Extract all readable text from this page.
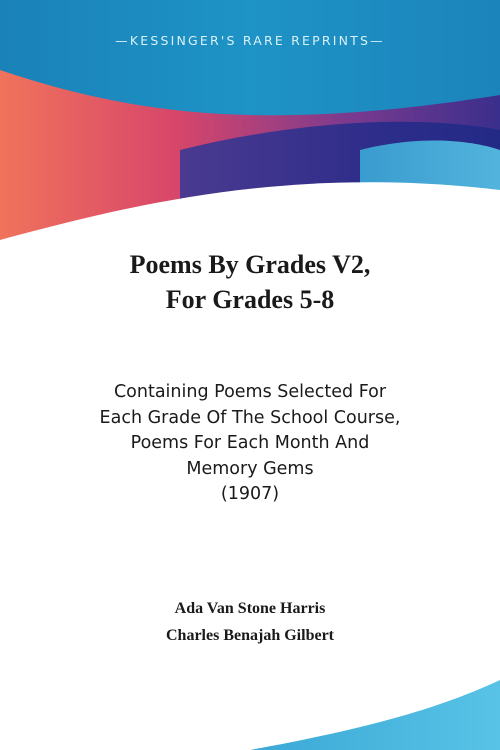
—KESSINGER'S RARE REPRINTS—
Poems By Grades V2,
For Grades 5-8
Containing Poems Selected For
Each Grade Of The School Course,
Poems For Each Month And
Memory Gems
(1907)
Ada Van Stone Harris
Charles Benajah Gilbert
